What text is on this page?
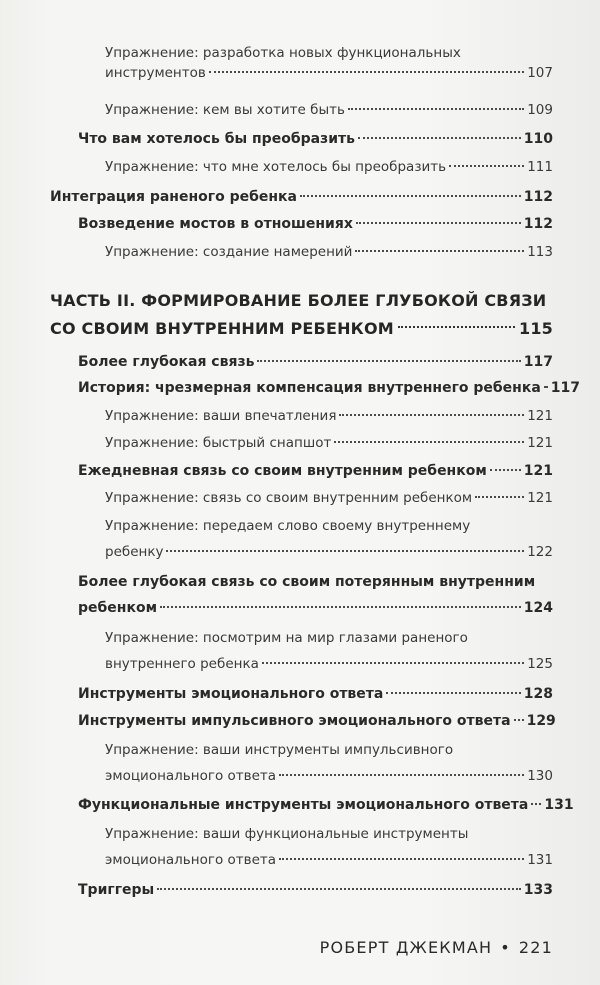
Упражнение: разработка новых функциональных
инструментов	107
Упражнение: кем вы хотите быть	109
Что вам хотелось бы преобразить	110
Упражнение: что мне хотелось бы преобразить	111
Интеграция раненого ребенка	112
Возведение мостов в отношениях	112
Упражнение: создание намерений	113
ЧАСТЬ II. ФОРМИРОВАНИЕ БОЛЕЕ ГЛУБОКОЙ СВЯЗИ
СО СВОИМ ВНУТРЕННИМ РЕБЕНКОМ	115
Более глубокая связь	117
История: чрезмерная компенсация внутреннего ребенка 117
Упражнение: ваши впечатления	121
Упражнение: быстрый снапшот	121
Ежедневная связь со своим внутренним ребенком	121
Упражнение: связь со своим внутренним ребенком	121
Упражнение: передаем слово своему внутреннему
ребенку	122
Более глубокая связь со своим потерянным внутренним
ребенком	124
Упражнение: посмотрим на мир глазами раненого
внутреннего ребенка	125
Инструменты эмоционального ответа	128
Инструменты импульсивного эмоционального ответа 129
Упражнение: ваши инструменты импульсивного
эмоционального ответа	130
Функциональные инструменты эмоционального ответа 131
Упражнение: ваши функциональные инструменты
эмоционального ответа	131
Триггеры	133
РОБЕРТ ДЖЕКМАН • 221
